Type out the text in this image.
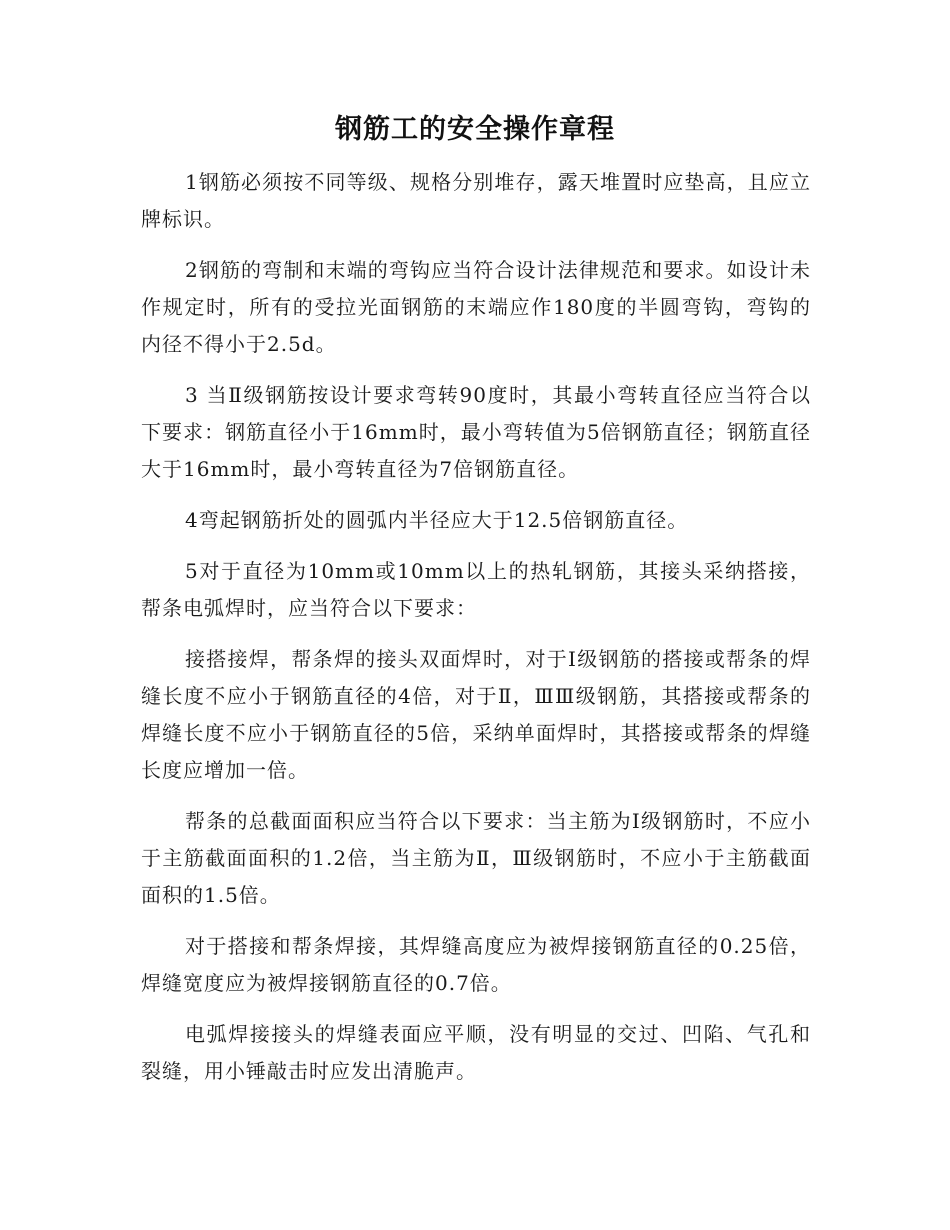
钢筋工的安全操作章程

1钢筋必须按不同等级、规格分别堆存，露天堆置时应垫高，且应立牌标识。

2钢筋的弯制和末端的弯钩应当符合设计法律规范和要求。如设计未作规定时，所有的受拉光面钢筋的末端应作180度的半圆弯钩，弯钩的内径不得小于2.5d。

3 当Ⅱ级钢筋按设计要求弯转90度时，其最小弯转直径应当符合以下要求：钢筋直径小于16mm时，最小弯转值为5倍钢筋直径；钢筋直径大于16mm时，最小弯转直径为7倍钢筋直径。

4弯起钢筋折处的圆弧内半径应大于12.5倍钢筋直径。

5对于直径为10mm或10mm以上的热轧钢筋，其接头采纳搭接，帮条电弧焊时，应当符合以下要求：

接搭接焊，帮条焊的接头双面焊时，对于Ⅰ级钢筋的搭接或帮条的焊缝长度不应小于钢筋直径的4倍，对于Ⅱ，ⅢⅢ级钢筋，其搭接或帮条的焊缝长度不应小于钢筋直径的5倍，采纳单面焊时，其搭接或帮条的焊缝长度应增加一倍。

帮条的总截面面积应当符合以下要求：当主筋为Ⅰ级钢筋时，不应小于主筋截面面积的1.2倍，当主筋为Ⅱ，Ⅲ级钢筋时，不应小于主筋截面面积的1.5倍。

对于搭接和帮条焊接，其焊缝高度应为被焊接钢筋直径的0.25倍，焊缝宽度应为被焊接钢筋直径的0.7倍。

电弧焊接接头的焊缝表面应平顺，没有明显的交过、凹陷、气孔和裂缝，用小锤敲击时应发出清脆声。
